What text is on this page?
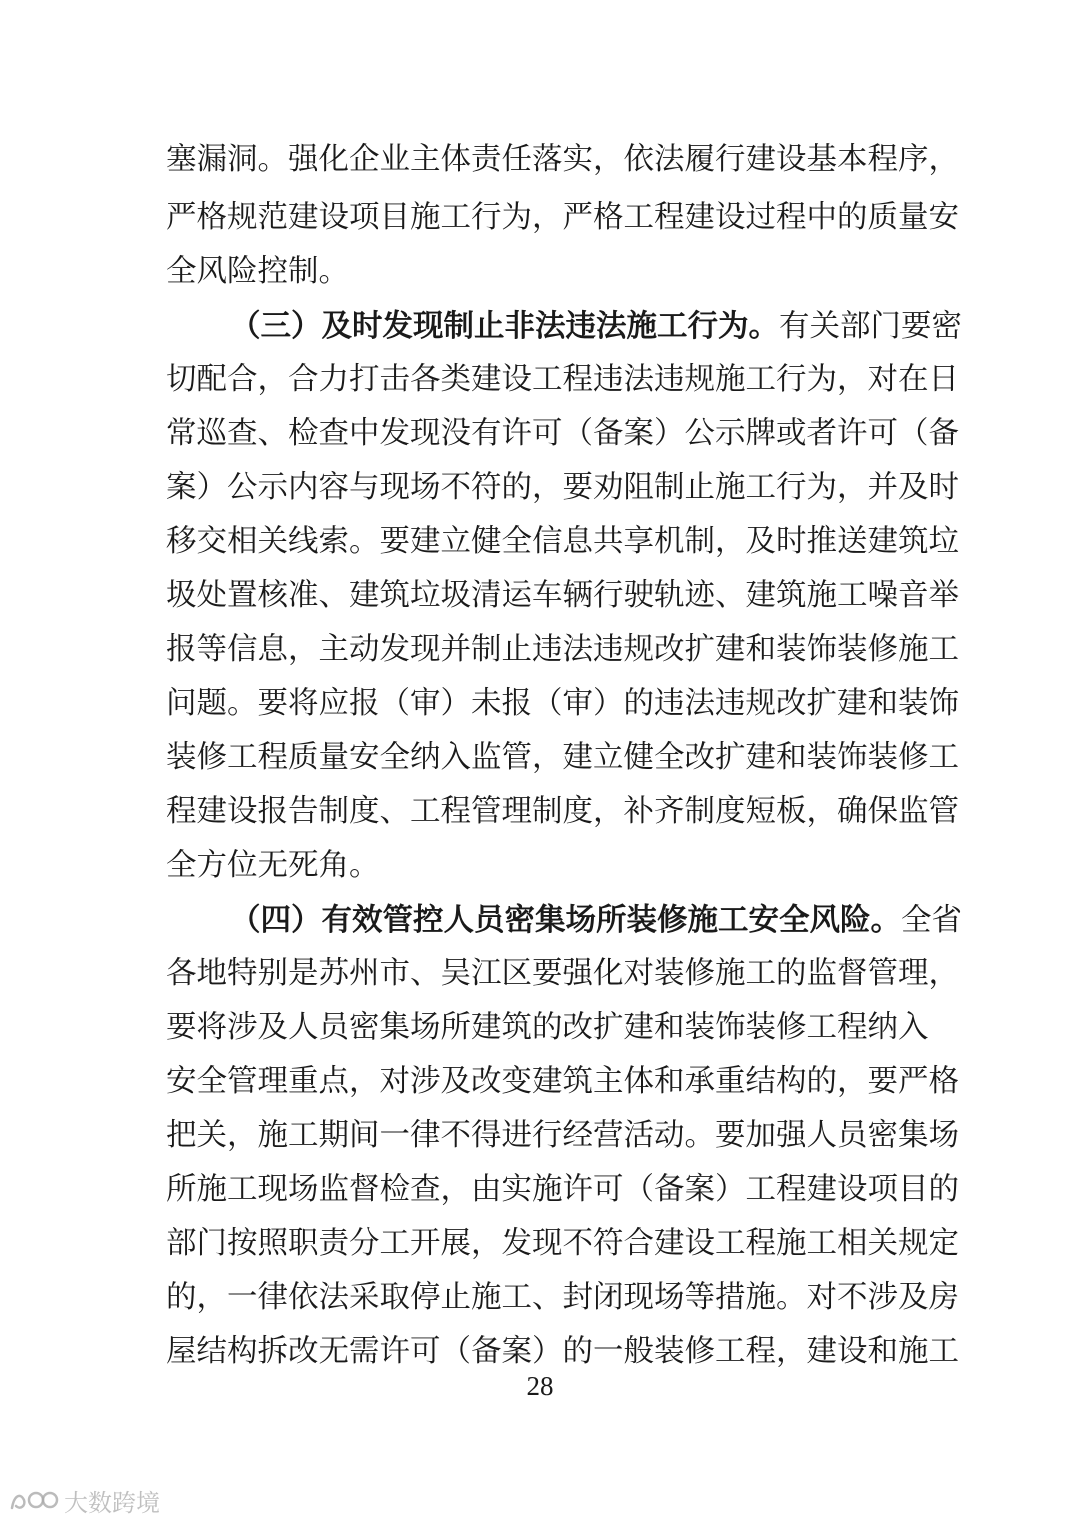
塞漏洞。强化企业主体责任落实，依法履行建设基本程序，
严格规范建设项目施工行为，严格工程建设过程中的质量安
全风险控制。
（三）及时发现制止非法违法施工行为。有关部门要密
切配合，合力打击各类建设工程违法违规施工行为，对在日
常巡查、检查中发现没有许可（备案）公示牌或者许可（备
案）公示内容与现场不符的，要劝阻制止施工行为，并及时
移交相关线索。要建立健全信息共享机制，及时推送建筑垃
圾处置核准、建筑垃圾清运车辆行驶轨迹、建筑施工噪音举
报等信息，主动发现并制止违法违规改扩建和装饰装修施工
问题。要将应报（审）未报（审）的违法违规改扩建和装饰
装修工程质量安全纳入监管，建立健全改扩建和装饰装修工
程建设报告制度、工程管理制度，补齐制度短板，确保监管
全方位无死角。
（四）有效管控人员密集场所装修施工安全风险。全省
各地特别是苏州市、吴江区要强化对装修施工的监督管理，
要将涉及人员密集场所建筑的改扩建和装饰装修工程纳入
安全管理重点，对涉及改变建筑主体和承重结构的，要严格
把关，施工期间一律不得进行经营活动。要加强人员密集场
所施工现场监督检查，由实施许可（备案）工程建设项目的
部门按照职责分工开展，发现不符合建设工程施工相关规定
的，一律依法采取停止施工、封闭现场等措施。对不涉及房
屋结构拆改无需许可（备案）的一般装修工程，建设和施工
28
大数跨境
